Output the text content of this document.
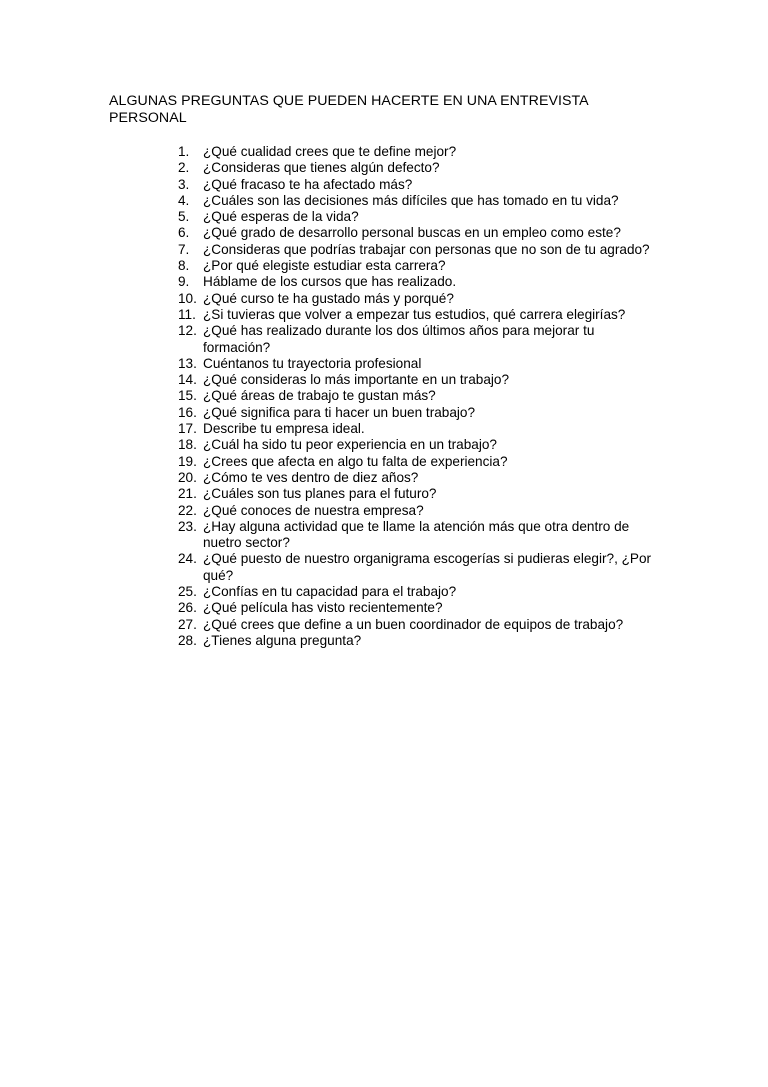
ALGUNAS PREGUNTAS QUE PUEDEN HACERTE EN UNA ENTREVISTA PERSONAL
1.	¿Qué cualidad crees que te define mejor?
2.	¿Consideras que tienes algún defecto?
3.	¿Qué fracaso te ha afectado más?
4.	¿Cuáles son las decisiones más difíciles que has tomado en tu vida?
5.	¿Qué esperas de la vida?
6.	¿Qué grado de desarrollo personal buscas en un empleo como este?
7.	¿Consideras que podrías trabajar con personas que no son de tu agrado?
8.	¿Por qué elegiste estudiar esta carrera?
9.	Háblame de los cursos que has realizado.
10. ¿Qué curso te ha gustado más y porqué?
11. ¿Si tuvieras que volver a empezar tus estudios, qué carrera elegirías?
12. ¿Qué has realizado durante los dos últimos años para mejorar tu formación?
13. Cuéntanos tu trayectoria profesional
14. ¿Qué consideras lo más importante en un trabajo?
15. ¿Qué áreas de trabajo te gustan más?
16. ¿Qué significa para ti hacer un buen trabajo?
17. Describe tu empresa ideal.
18. ¿Cuál ha sido tu peor experiencia en un trabajo?
19. ¿Crees que afecta en algo tu falta de experiencia?
20. ¿Cómo te ves dentro de diez años?
21. ¿Cuáles son tus planes para el futuro?
22. ¿Qué conoces de nuestra empresa?
23. ¿Hay alguna actividad que te llame la atención más que otra dentro de nuetro sector?
24. ¿Qué puesto de nuestro organigrama escogerías si pudieras elegir?, ¿Por qué?
25. ¿Confías en tu capacidad para el trabajo?
26. ¿Qué película has visto recientemente?
27. ¿Qué crees que define a un buen coordinador de equipos de trabajo?
28. ¿Tienes alguna pregunta?
